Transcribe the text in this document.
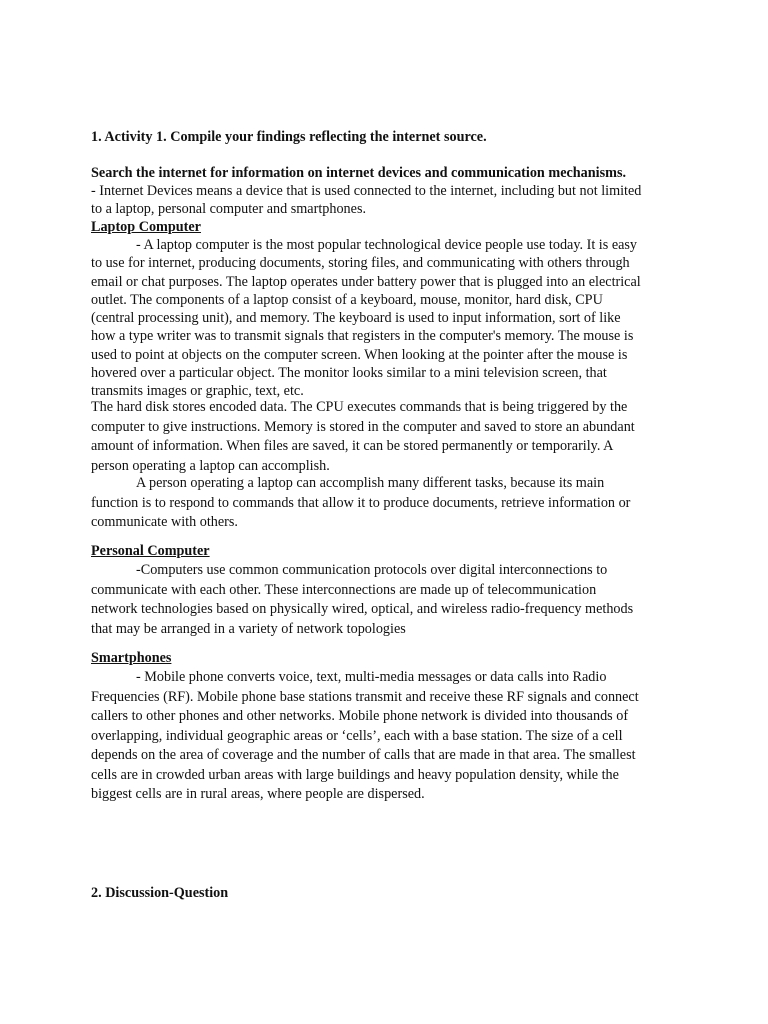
1. Activity 1. Compile your findings reflecting the internet source.
Search the internet for information on internet devices and communication mechanisms.
- Internet Devices means a device that is used connected to the internet, including but not limited
to a laptop, personal computer and smartphones.
Laptop Computer
- A laptop computer is the most popular technological device people use today. It is easy
to use for internet, producing documents, storing files, and communicating with others through
email or chat purposes. The laptop operates under battery power that is plugged into an electrical
outlet. The components of a laptop consist of a keyboard, mouse, monitor, hard disk, CPU
(central processing unit), and memory. The keyboard is used to input information, sort of like
how a type writer was to transmit signals that registers in the computer's memory. The mouse is
used to point at objects on the computer screen. When looking at the pointer after the mouse is
hovered over a particular object. The monitor looks similar to a mini television screen, that
transmits images or graphic, text, etc.
The hard disk stores encoded data. The CPU executes commands that is being triggered by the
computer to give instructions. Memory is stored in the computer and saved to store an abundant
amount of information. When files are saved, it can be stored permanently or temporarily. A
person operating a laptop can accomplish.
A person operating a laptop can accomplish many different tasks, because its main
function is to respond to commands that allow it to produce documents, retrieve information or
communicate with others.
Personal Computer
-Computers use common communication protocols over digital interconnections to
communicate with each other. These interconnections are made up of telecommunication
network technologies based on physically wired, optical, and wireless radio-frequency methods
that may be arranged in a variety of network topologies
Smartphones
- Mobile phone converts voice, text, multi-media messages or data calls into Radio
Frequencies (RF). Mobile phone base stations transmit and receive these RF signals and connect
callers to other phones and other networks. Mobile phone network is divided into thousands of
overlapping, individual geographic areas or ‘cells’, each with a base station. The size of a cell
depends on the area of coverage and the number of calls that are made in that area. The smallest
cells are in crowded urban areas with large buildings and heavy population density, while the
biggest cells are in rural areas, where people are dispersed.
2. Discussion-Question
